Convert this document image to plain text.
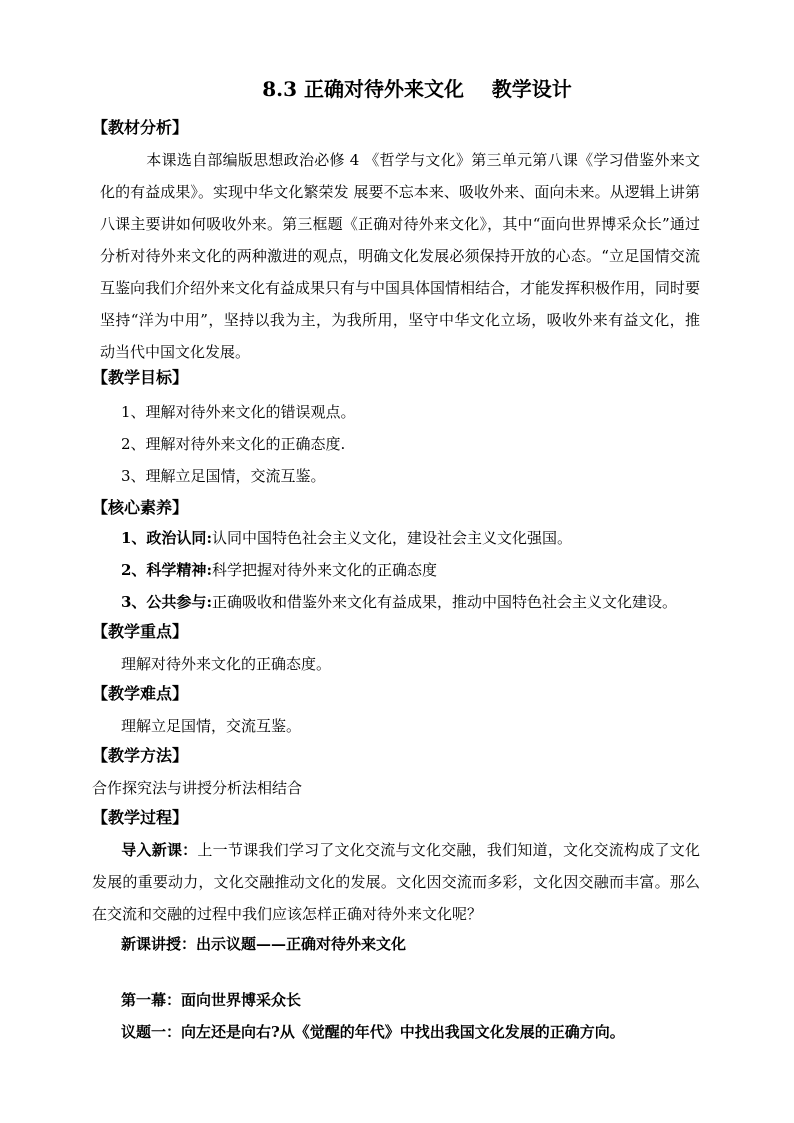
8.3 正确对待外来文化    教学设计
【教材分析】

本课选自部编版思想政治必修 4 《哲学与文化》第三单元第八课《学习借鉴外来文化的有益成果》。实现中华文化繁荣发 展要不忘本来、吸收外来、面向未来。从逻辑上讲第八课主要讲如何吸收外来。第三框题《正确对待外来文化》，其中“面向世界博采众长”通过分析对待外来文化的两种激进的观点，明确文化发展必须保持开放的心态。“立足国情交流互鉴向我们介绍外来文化有益成果只有与中国具体国情相结合，才能发挥积极作用，同时要坚持“洋为中用”，坚持以我为主，为我所用，坚守中华文化立场，吸收外来有益文化，推动当代中国文化发展。

【教学目标】
1、理解对待外来文化的错误观点。
2、理解对待外来文化的正确态度.
3、理解立足国情，交流互鉴。
【核心素养】
1、政治认同:认同中国特色社会主义文化，建设社会主义文化强国。
2、科学精神:科学把握对待外来文化的正确态度
3、公共参与:正确吸收和借鉴外来文化有益成果，推动中国特色社会主义文化建设。
【教学重点】
理解对待外来文化的正确态度。
【教学难点】
理解立足国情，交流互鉴。
【教学方法】
合作探究法与讲授分析法相结合
【教学过程】

导入新课：上一节课我们学习了文化交流与文化交融，我们知道，文化交流构成了文化发展的重要动力，文化交融推动文化的发展。文化因交流而多彩，文化因交融而丰富。那么在交流和交融的过程中我们应该怎样正确对待外来文化呢？

新课讲授：出示议题——正确对待外来文化
第一幕：面向世界博采众长
议题一：向左还是向右?从《觉醒的年代》中找出我国文化发展的正确方向。
